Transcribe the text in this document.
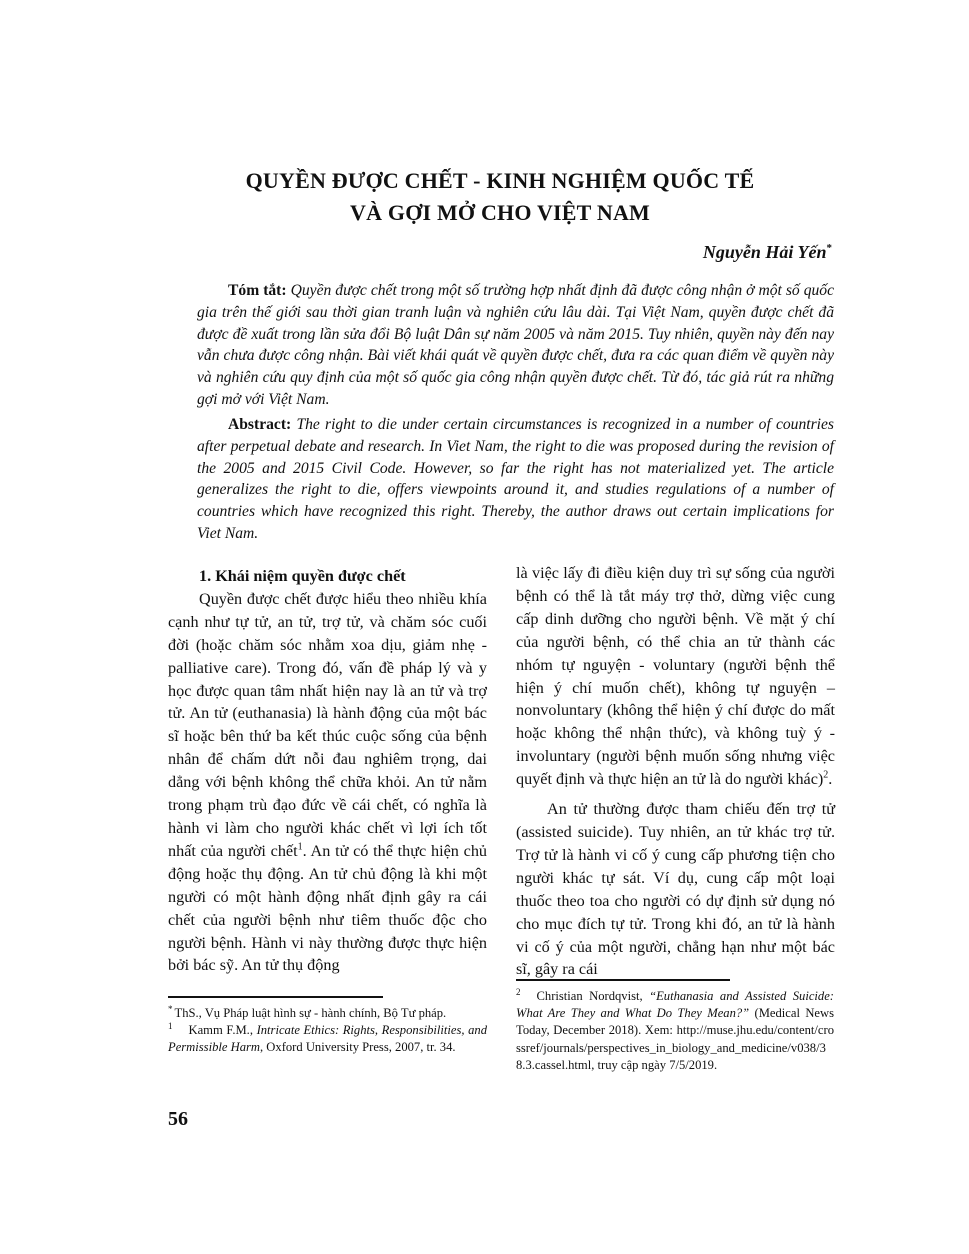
QUYỀN ĐƯỢC CHẾT - KINH NGHIỆM QUỐC TẾ
VÀ GỢI MỞ CHO VIỆT NAM
Nguyễn Hải Yến*
Tóm tắt: Quyền được chết trong một số trường hợp nhất định đã được công nhận ở một số quốc gia trên thế giới sau thời gian tranh luận và nghiên cứu lâu dài. Tại Việt Nam, quyền được chết đã được đề xuất trong lần sửa đổi Bộ luật Dân sự năm 2005 và năm 2015. Tuy nhiên, quyền này đến nay vẫn chưa được công nhận. Bài viết khái quát về quyền được chết, đưa ra các quan điểm về quyền này và nghiên cứu quy định của một số quốc gia công nhận quyền được chết. Từ đó, tác giả rút ra những gợi mở với Việt Nam.
Abstract: The right to die under certain circumstances is recognized in a number of countries after perpetual debate and research. In Viet Nam, the right to die was proposed during the revision of the 2005 and 2015 Civil Code. However, so far the right has not materialized yet. The article generalizes the right to die, offers viewpoints around it, and studies regulations of a number of countries which have recognized this right. Thereby, the author draws out certain implications for Viet Nam.

1. Khái niệm quyền được chết

Quyền được chết được hiểu theo nhiều khía cạnh như tự tử, an tử, trợ tử, và chăm sóc cuối đời (hoặc chăm sóc nhằm xoa dịu, giảm nhẹ - palliative care). Trong đó, vấn đề pháp lý và y học được quan tâm nhất hiện nay là an tử và trợ tử. An tử (euthanasia) là hành động của một bác sĩ hoặc bên thứ ba kết thúc cuộc sống của bệnh nhân để chấm dứt nỗi đau nghiêm trọng, dai dẳng với bệnh không thể chữa khỏi. An tử nằm trong phạm trù đạo đức về cái chết, có nghĩa là hành vi làm cho người khác chết vì lợi ích tốt nhất của người chết$^1$. An tử có thể thực hiện chủ động hoặc thụ động. An tử chủ động là khi một người có một hành động nhất định gây ra cái chết của người bệnh như tiêm thuốc độc cho người bệnh. Hành vi này thường được thực hiện bởi bác sỹ. An tử thụ động

là việc lấy đi điều kiện duy trì sự sống của người bệnh có thể là tắt máy trợ thở, dừng việc cung cấp dinh dưỡng cho người bệnh. Về mặt ý chí của người bệnh, có thể chia an tử thành các nhóm tự nguyện - voluntary (người bệnh thể hiện ý chí muốn chết), không tự nguyện – nonvoluntary (không thể hiện ý chí được do mất hoặc không thể nhận thức), và không tuỳ ý - involuntary (người bệnh muốn sống nhưng việc quyết định và thực hiện an tử là do người khác)$^2$.

An tử thường được tham chiếu đến trợ tử (assisted suicide). Tuy nhiên, an tử khác trợ tử. Trợ tử là hành vi cố ý cung cấp phương tiện cho người khác tự sát. Ví dụ, cung cấp một loại thuốc theo toa cho người có dự định sử dụng nó cho mục đích tự tử. Trong khi đó, an tử là hành vi cố ý của một người, chẳng hạn như một bác sĩ, gây ra cái

* ThS., Vụ Pháp luật hình sự - hành chính, Bộ Tư pháp.

$^1$ Kamm F.M., Intricate Ethics: Rights, Responsibilities, and Permissible Harm, Oxford University Press, 2007, tr. 34.

$^2$ Christian Nordqvist, “Euthanasia and Assisted Suicide: What Are They and What Do They Mean?” (Medical News Today, December 2018). Xem: http://muse.jhu.edu/content/crossref/journals/perspectives_in_biology_and_medicine/v038/38.3.cassel.html, truy cập ngày 7/5/2019.

56
